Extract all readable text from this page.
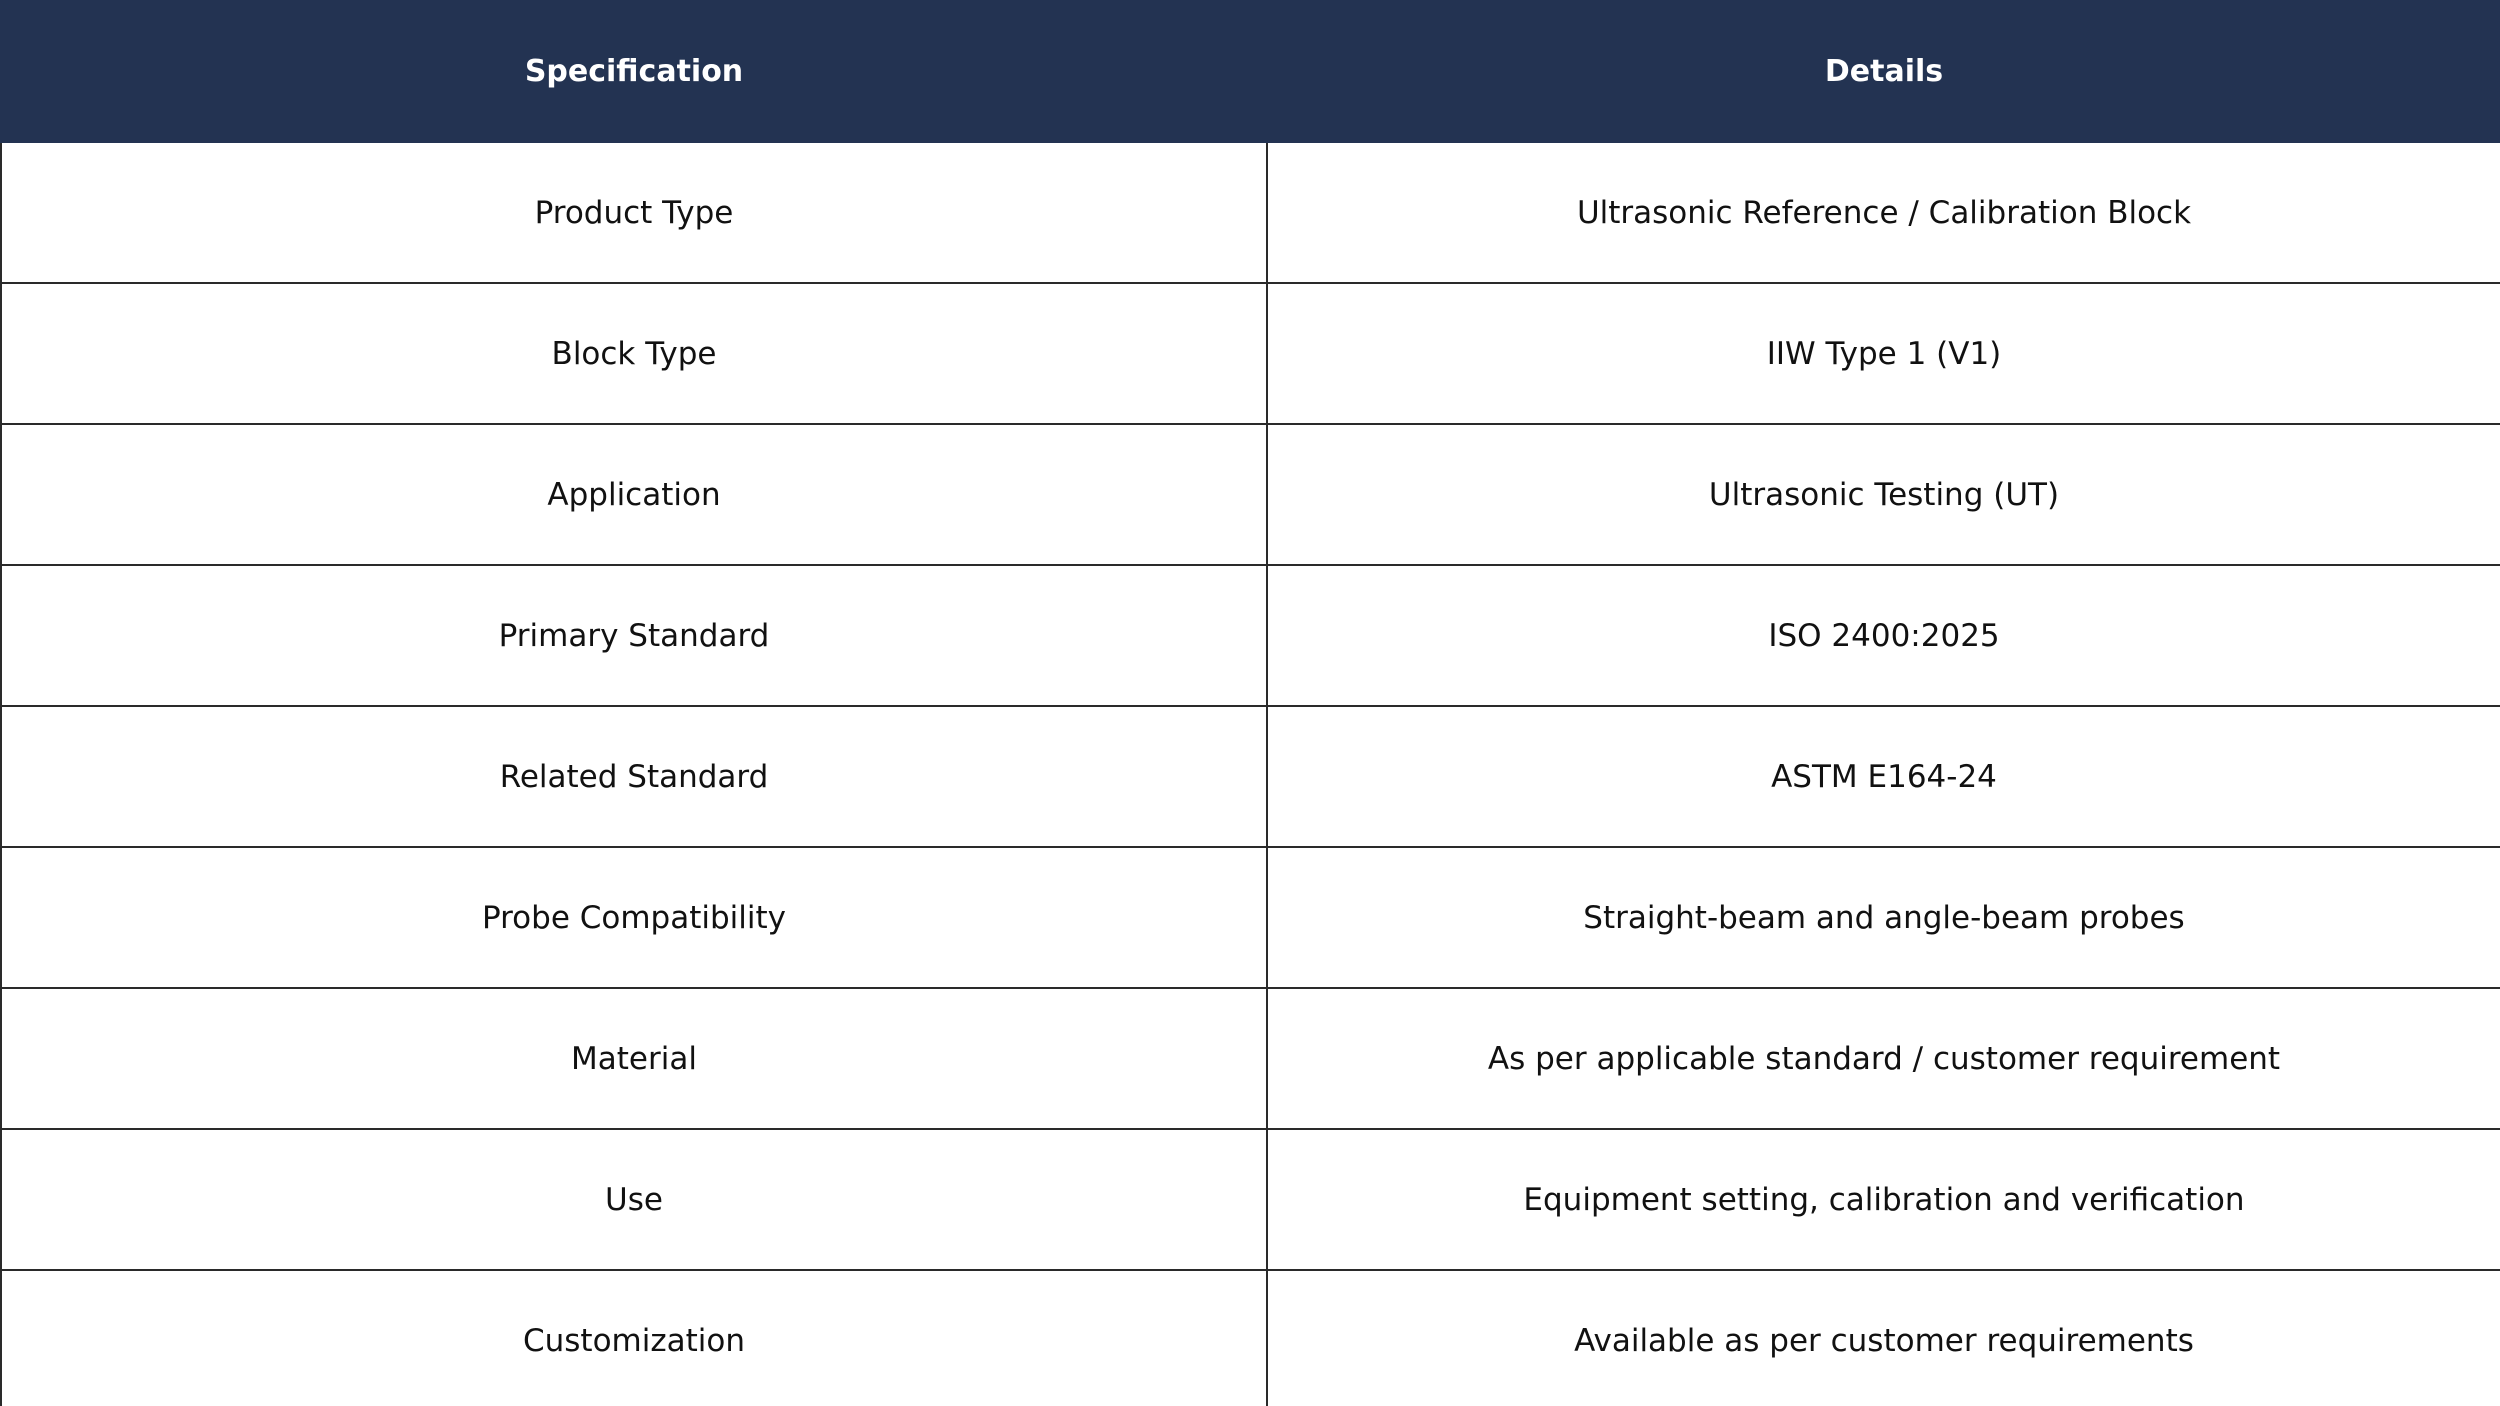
Specification	Details
Product Type	Ultrasonic Reference / Calibration Block
Block Type	IIW Type 1 (V1)
Application	Ultrasonic Testing (UT)
Primary Standard	ISO 2400:2025
Related Standard	ASTM E164-24
Probe Compatibility	Straight-beam and angle-beam probes
Material	As per applicable standard / customer requirement
Use	Equipment setting, calibration and verification
Customization	Available as per customer requirements
